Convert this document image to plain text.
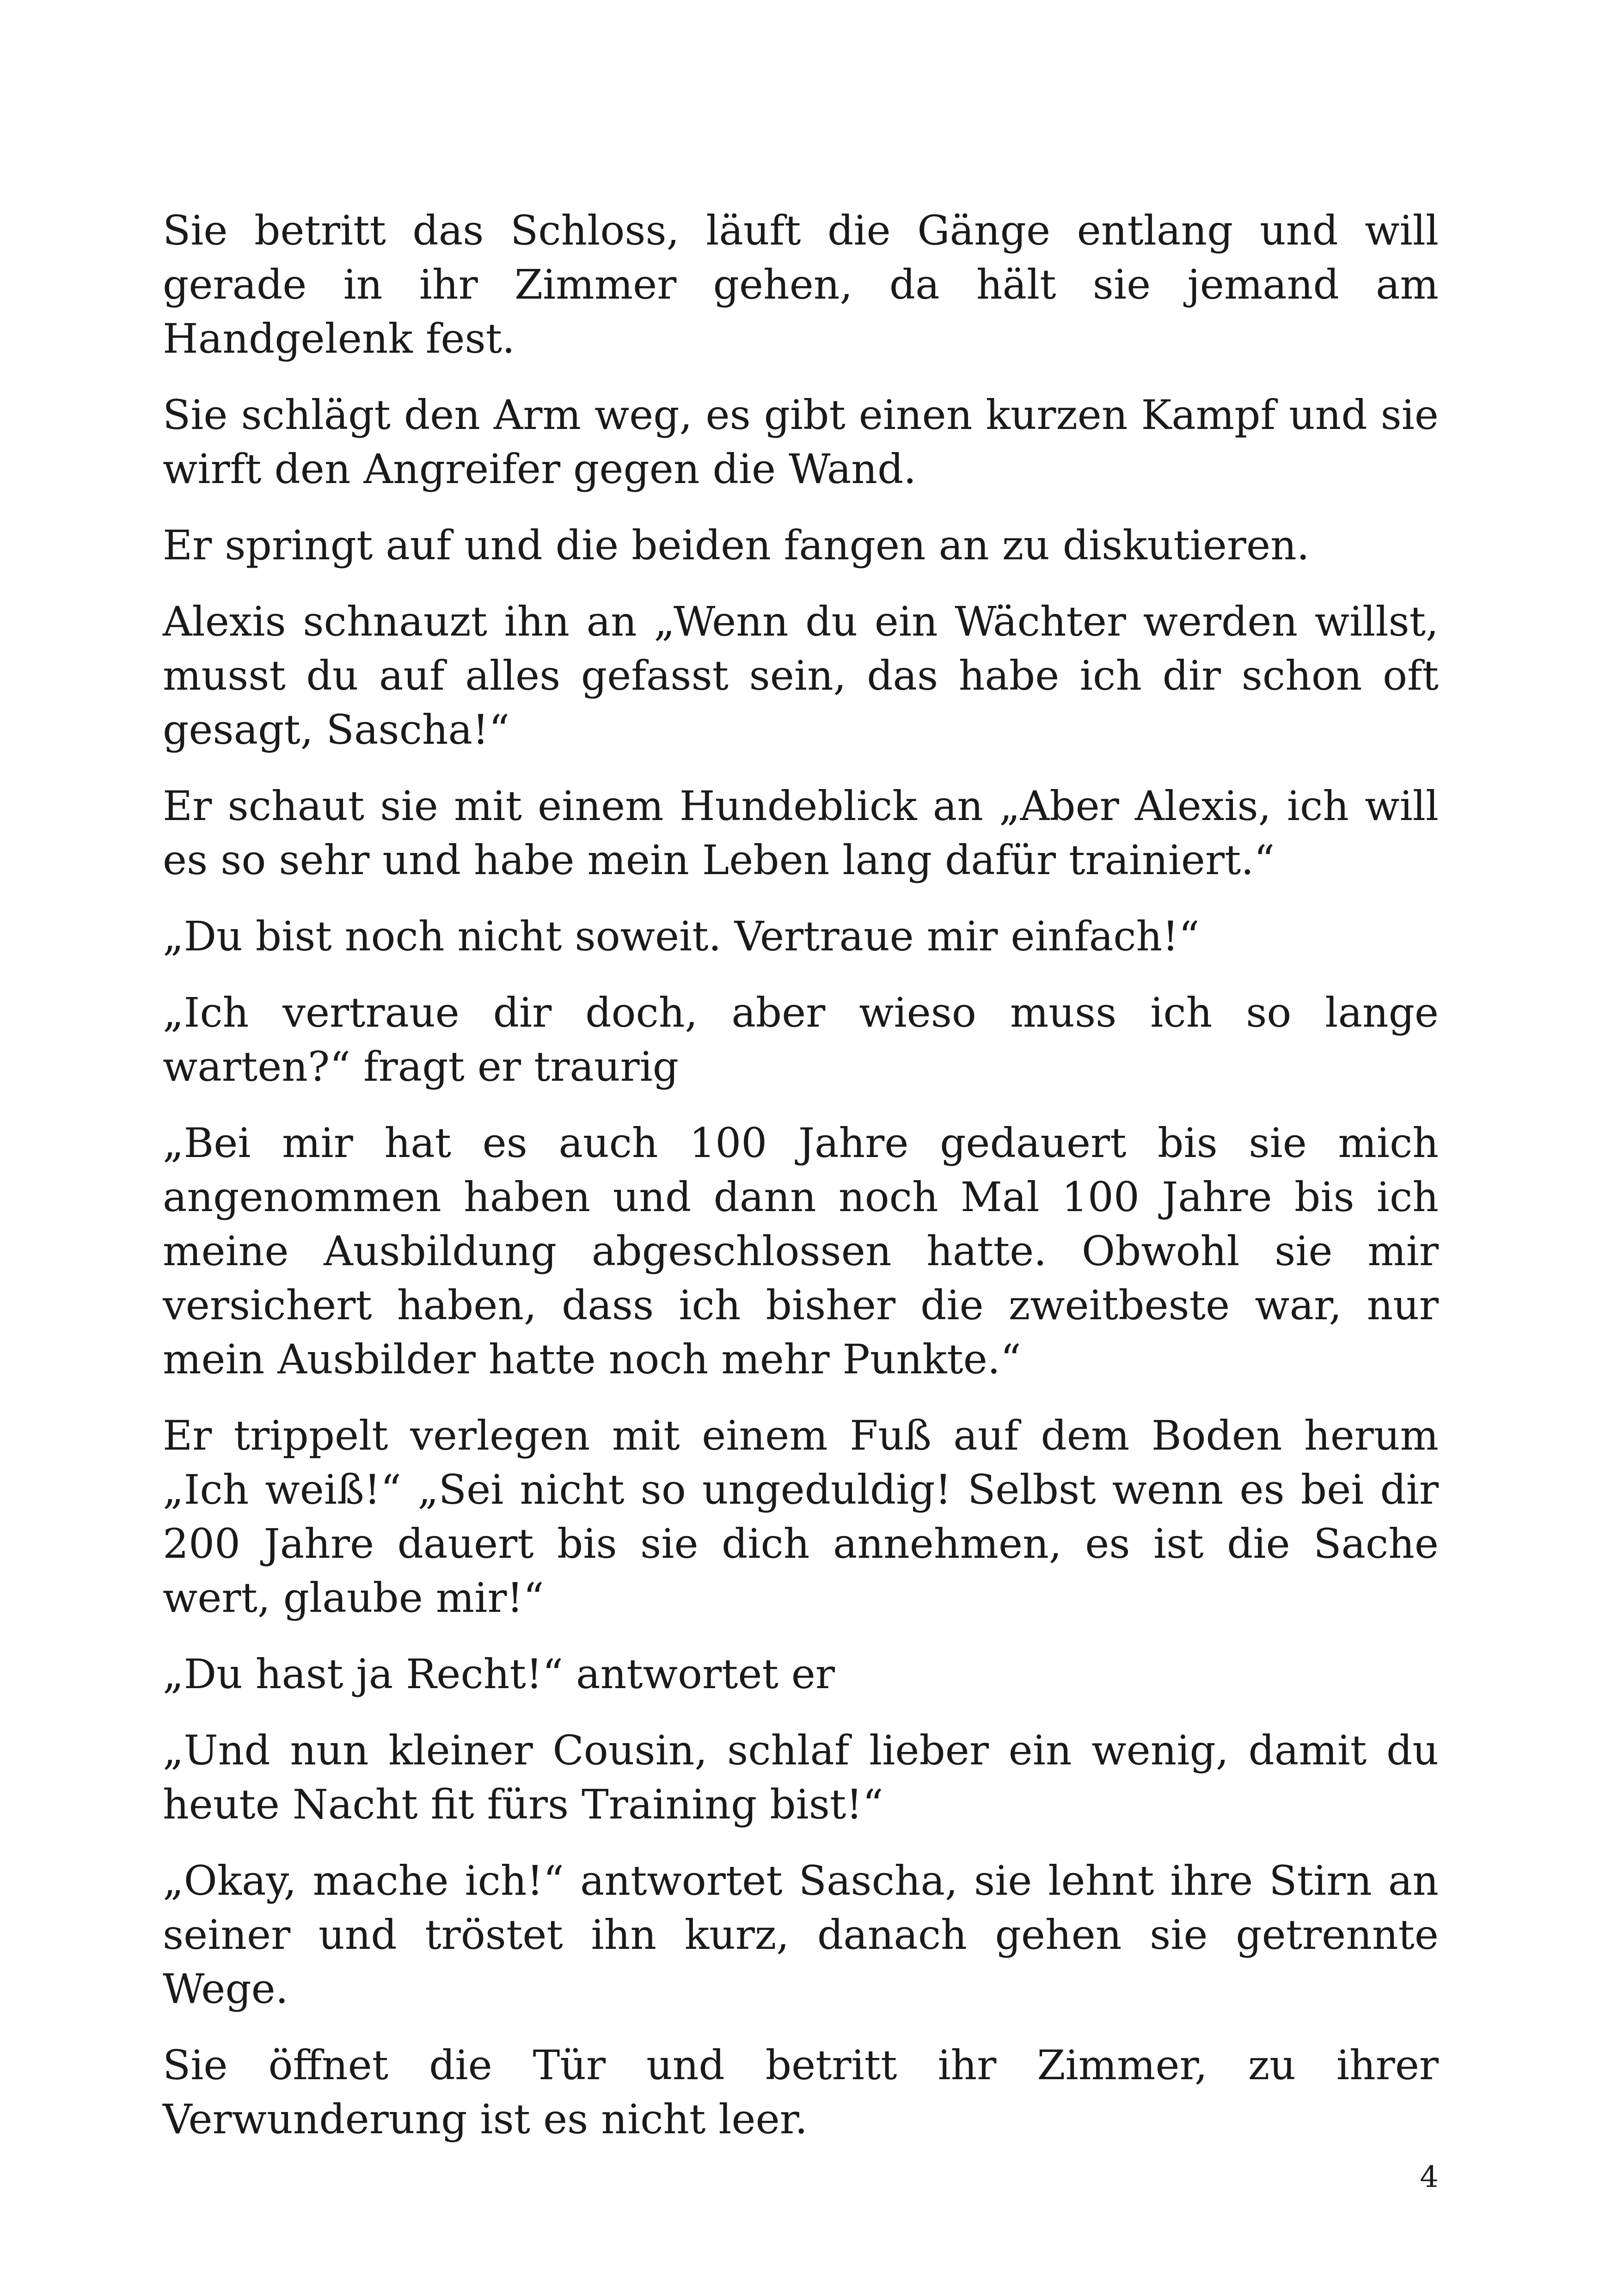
Sie betritt das Schloss, läuft die Gänge entlang und will gerade in ihr Zimmer gehen, da hält sie jemand am Handgelenk fest.

Sie schlägt den Arm weg, es gibt einen kurzen Kampf und sie wirft den Angreifer gegen die Wand.

Er springt auf und die beiden fangen an zu diskutieren.

Alexis schnauzt ihn an „Wenn du ein Wächter werden willst, musst du auf alles gefasst sein, das habe ich dir schon oft gesagt, Sascha!“

Er schaut sie mit einem Hundeblick an „Aber Alexis, ich will es so sehr und habe mein Leben lang dafür trainiert.“

„Du bist noch nicht soweit. Vertraue mir einfach!“

„Ich vertraue dir doch, aber wieso muss ich so lange warten?“ fragt er traurig

„Bei mir hat es auch 100 Jahre gedauert bis sie mich angenommen haben und dann noch Mal 100 Jahre bis ich meine Ausbildung abgeschlossen hatte. Obwohl sie mir versichert haben, dass ich bisher die zweitbeste war, nur mein Ausbilder hatte noch mehr Punkte.“

Er trippelt verlegen mit einem Fuß auf dem Boden herum „Ich weiß!“ „Sei nicht so ungeduldig! Selbst wenn es bei dir 200 Jahre dauert bis sie dich annehmen, es ist die Sache wert, glaube mir!“

„Du hast ja Recht!“ antwortet er

„Und nun kleiner Cousin, schlaf lieber ein wenig, damit du heute Nacht fit fürs Training bist!“

„Okay, mache ich!“ antwortet Sascha, sie lehnt ihre Stirn an seiner und tröstet ihn kurz, danach gehen sie getrennte Wege.

Sie öffnet die Tür und betritt ihr Zimmer, zu ihrer Verwunderung ist es nicht leer.

4
